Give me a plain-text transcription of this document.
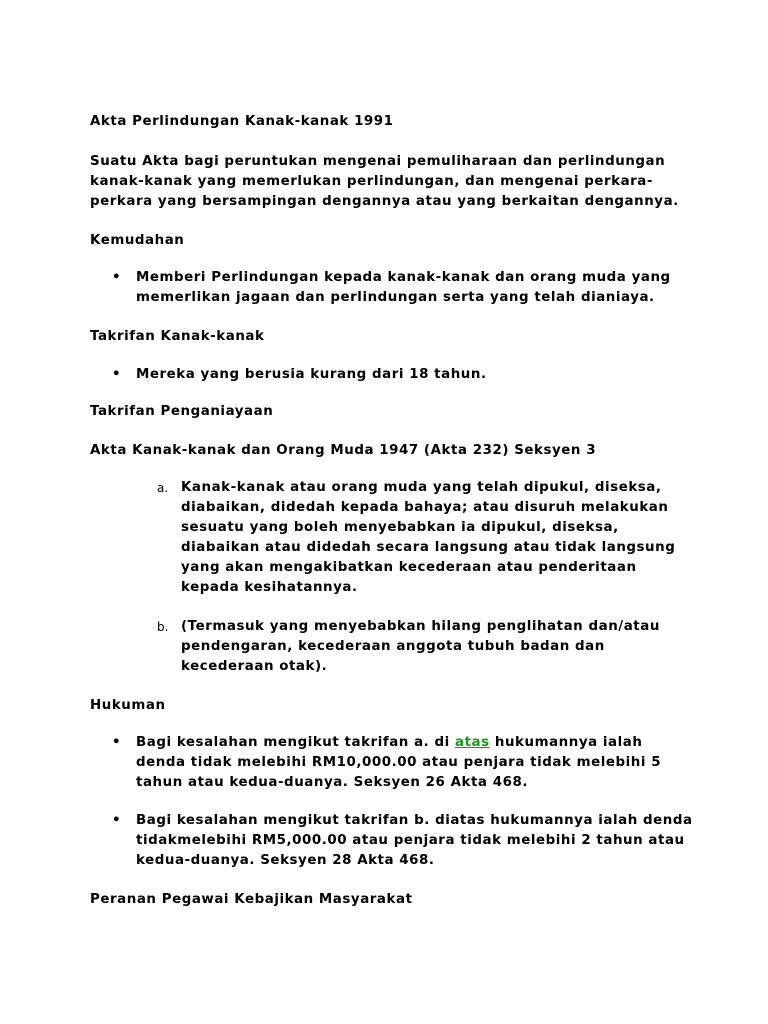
Akta Perlindungan Kanak-kanak 1991

Suatu Akta bagi peruntukan mengenai pemuliharaan dan perlindungan kanak-kanak yang memerlukan perlindungan, dan mengenai perkara-perkara yang bersampingan dengannya atau yang berkaitan dengannya.

Kemudahan

• Memberi Perlindungan kepada kanak-kanak dan orang muda yang memerlikan jagaan dan perlindungan serta yang telah dianiaya.

Takrifan Kanak-kanak

• Mereka yang berusia kurang dari 18 tahun.

Takrifan Penganiayaan

Akta Kanak-kanak dan Orang Muda 1947 (Akta 232) Seksyen 3

a. Kanak-kanak atau orang muda yang telah dipukul, diseksa, diabaikan, didedah kepada bahaya; atau disuruh melakukan sesuatu yang boleh menyebabkan ia dipukul, diseksa, diabaikan atau didedah secara langsung atau tidak langsung yang akan mengakibatkan kecederaan atau penderitaan kepada kesihatannya.
b. (Termasuk yang menyebabkan hilang penglihatan dan/atau pendengaran, kecederaan anggota tubuh badan dan kecederaan otak).

Hukuman

• Bagi kesalahan mengikut takrifan a. di atas hukumannya ialah denda tidak melebihi RM10,000.00 atau penjara tidak melebihi 5 tahun atau kedua-duanya. Seksyen 26 Akta 468.
• Bagi kesalahan mengikut takrifan b. diatas hukumannya ialah denda tidakmelebihi RM5,000.00 atau penjara tidak melebihi 2 tahun atau kedua-duanya. Seksyen 28 Akta 468.

Peranan Pegawai Kebajikan Masyarakat
